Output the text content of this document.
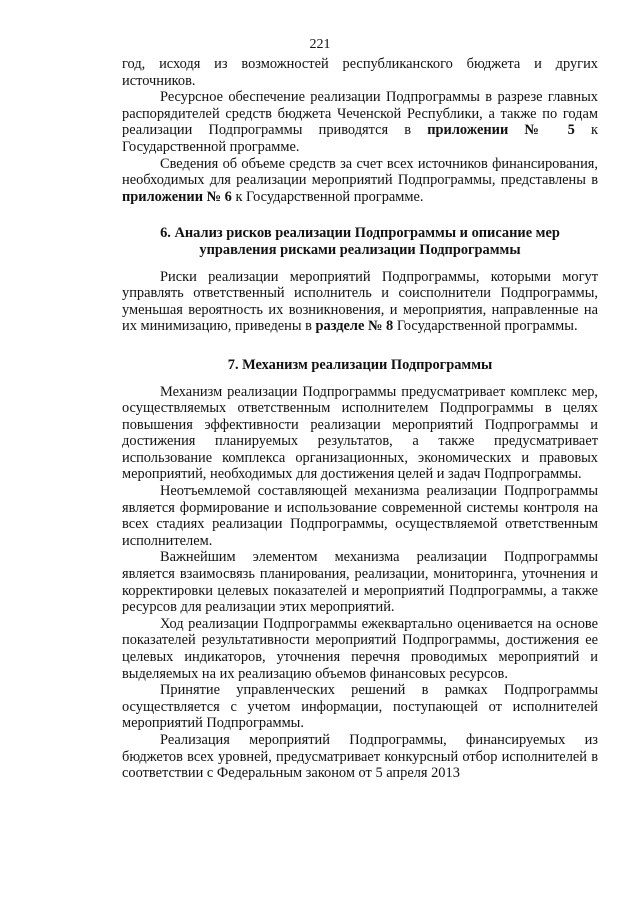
221

год, исходя из возможностей республиканского бюджета и других источников.

Ресурсное обеспечение реализации Подпрограммы в разрезе главных распорядителей средств бюджета Чеченской Республики, а также по годам реализации Подпрограммы приводятся в приложении № 5 к Государственной программе.

Сведения об объеме средств за счет всех источников финансирования, необходимых для реализации мероприятий Подпрограммы, представлены в приложении № 6 к Государственной программе.

6. Анализ рисков реализации Подпрограммы и описание мер
управления рисками реализации Подпрограммы

Риски реализации мероприятий Подпрограммы, которыми могут управлять ответственный исполнитель и соисполнители Подпрограммы, уменьшая вероятность их возникновения, и мероприятия, направленные на их минимизацию, приведены в разделе № 8 Государственной программы.

7. Механизм реализации Подпрограммы

Механизм реализации Подпрограммы предусматривает комплекс мер, осуществляемых ответственным исполнителем Подпрограммы в целях повышения эффективности реализации мероприятий Подпрограммы и достижения планируемых результатов, а также предусматривает использование комплекса организационных, экономических и правовых мероприятий, необходимых для достижения целей и задач Подпрограммы.

Неотъемлемой составляющей механизма реализации Подпрограммы является формирование и использование современной системы контроля на всех стадиях реализации Подпрограммы, осуществляемой ответственным исполнителем.

Важнейшим элементом механизма реализации Подпрограммы является взаимосвязь планирования, реализации, мониторинга, уточнения и корректировки целевых показателей и мероприятий Подпрограммы, а также ресурсов для реализации этих мероприятий.

Ход реализации Подпрограммы ежеквартально оценивается на основе показателей результативности мероприятий Подпрограммы, достижения ее целевых индикаторов, уточнения перечня проводимых мероприятий и выделяемых на их реализацию объемов финансовых ресурсов.

Принятие управленческих решений в рамках Подпрограммы осуществляется с учетом информации, поступающей от исполнителей мероприятий Подпрограммы.

Реализация мероприятий Подпрограммы, финансируемых из бюджетов всех уровней, предусматривает конкурсный отбор исполнителей в соответствии с Федеральным законом от 5 апреля 2013
